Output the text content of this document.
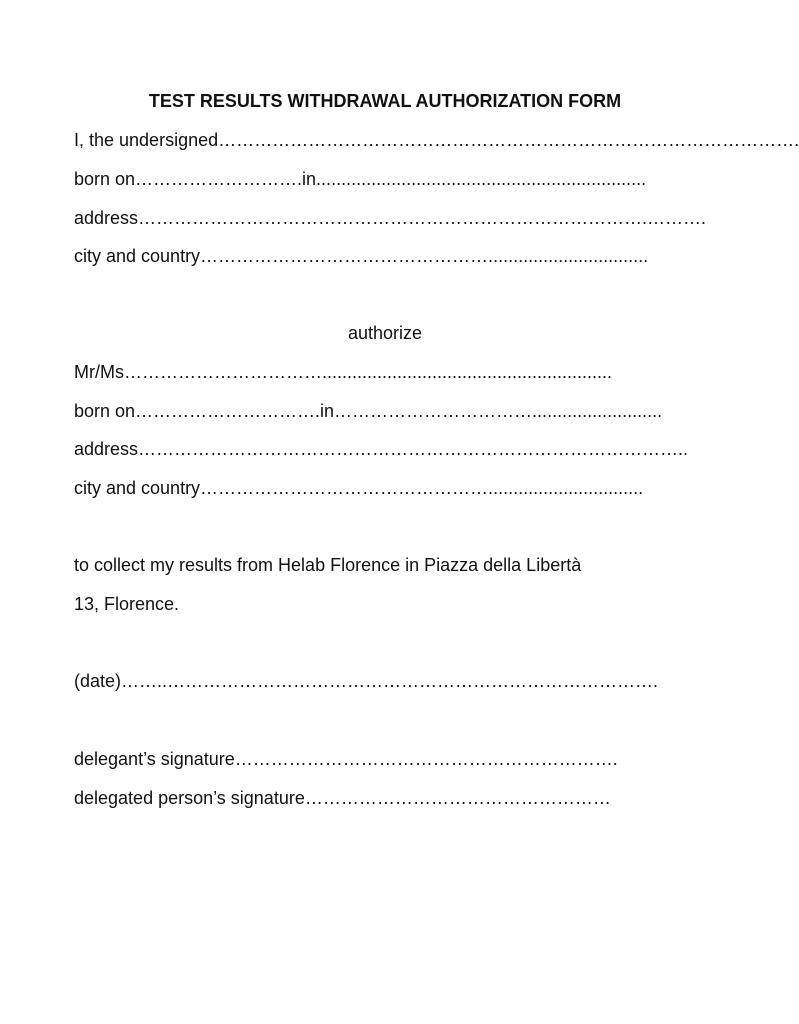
TEST RESULTS WITHDRAWAL AUTHORIZATION FORM
I, the undersigned…………………………………………………………………………………….
born on……………………….in..................................................................
address………………………………………………………………………….……….
city and country…………………………………………................................
authorize
Mr/Ms……………………………..........................................................
born on………………………….in……………………………..........................
address………………………………………………………………………………..
city and country…………………………………………...............................
to collect my results from Helab Florence in Piazza della Libertà
13, Florence.
(date)……..……………………………………………………………………….
delegant’s signature……………………………………………………….
delegated person’s signature……………………………………………
